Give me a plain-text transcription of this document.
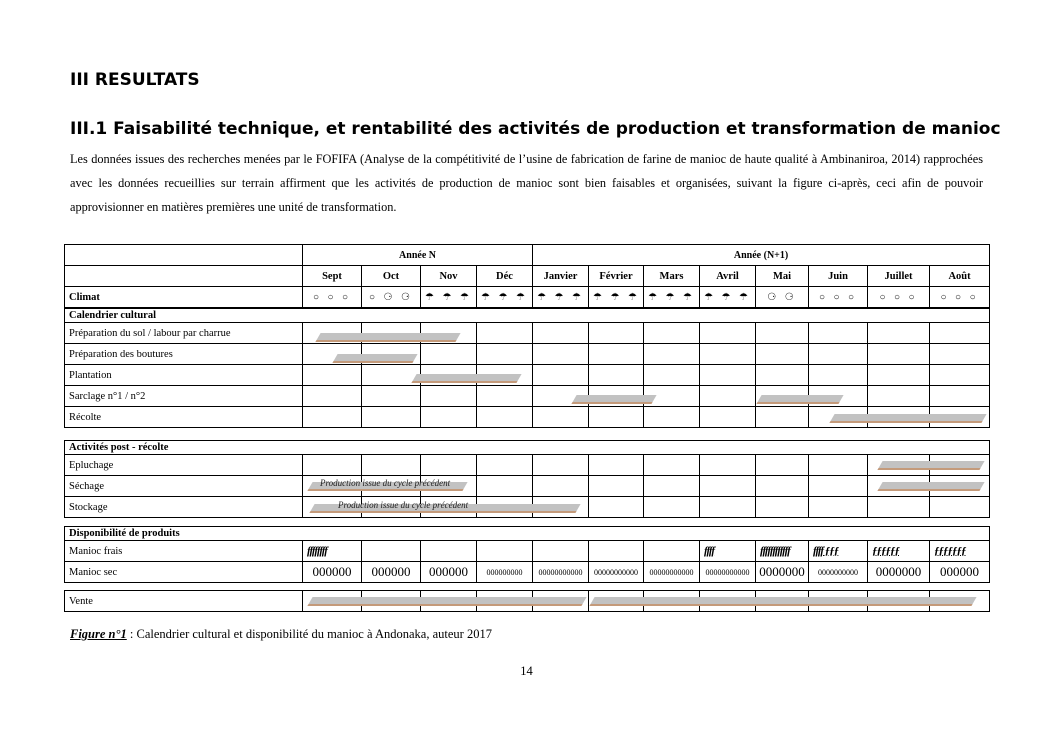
III RESULTATS
III.1 Faisabilité technique, et rentabilité des activités de production et transformation de manioc
Les données issues des recherches menées par le FOFIFA (Analyse de la compétitivité de l’usine de fabrication de farine de manioc de haute qualité à Ambinaniroa, 2014) rapprochées avec les données recueillies sur terrain affirment que les activités de production de manioc sont bien faisables et organisées, suivant la figure ci-après, ceci afin de pouvoir approvisionner en matières premières une unité de transformation.
	Année N				Année (N+1)							
	Sept	Oct	Nov	Déc	Janvier	Février	Mars	Avril	Mai	Juin	Juillet	Août
Climat	○ ○ ○	○ ⚆ ⚆	☂ ☂ ☂	☂ ☂ ☂	☂ ☂ ☂	☂ ☂ ☂	☂ ☂ ☂	☂ ☂ ☂	⚆ ⚆	○ ○ ○	○ ○ ○	○ ○ ○
Calendrier cultural												
Préparation du sol / labour par charrue												
Préparation des boutures												
Plantation												
Sarclage n°1 / n°2												
Récolte												
Activités post - récolte												
Epluchage												
Séchage												
Stockage												
Disponibilité de produits												
Manioc frais	ffffffff							ffff	ffffffffffff	ffff ƒƒƒ	ƒƒƒƒƒƒ	ƒƒƒƒƒƒƒ
Manioc sec	000000	000000	000000	000000000	00000000000	00000000000	00000000000	00000000000	0000000	0000000000	0000000	000000
Vente												
Production issue du cycle précédent
Production issue du cycle précédent
Figure n°1 : Calendrier cultural et disponibilité du manioc à Andonaka, auteur 2017
14
